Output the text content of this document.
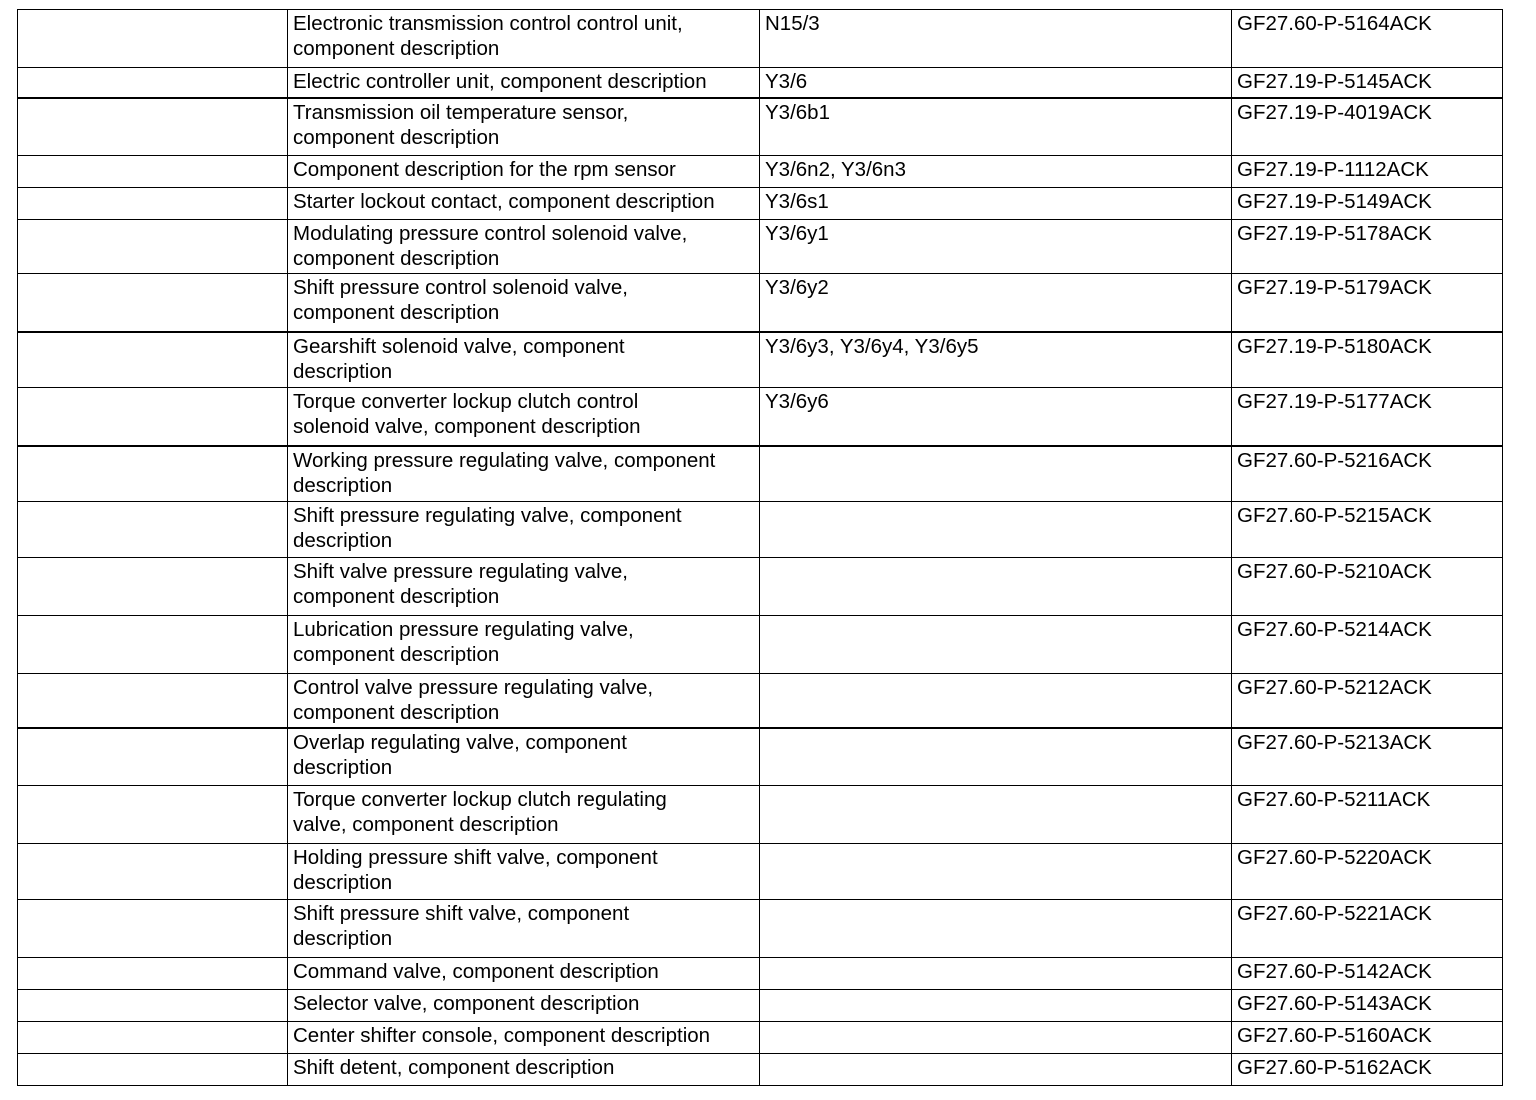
	Electronic transmission control control unit,
component description	N15/3	GF27.60-P-5164ACK
	Electric controller unit, component description	Y3/6	GF27.19-P-5145ACK
	Transmission oil temperature sensor,
component description	Y3/6b1	GF27.19-P-4019ACK
	Component description for the rpm sensor	Y3/6n2, Y3/6n3	GF27.19-P-1112ACK
	Starter lockout contact, component description	Y3/6s1	GF27.19-P-5149ACK
	Modulating pressure control solenoid valve,
component description	Y3/6y1	GF27.19-P-5178ACK
	Shift pressure control solenoid valve,
component description	Y3/6y2	GF27.19-P-5179ACK
	Gearshift solenoid valve, component
description	Y3/6y3, Y3/6y4, Y3/6y5	GF27.19-P-5180ACK
	Torque converter lockup clutch control
solenoid valve, component description	Y3/6y6	GF27.19-P-5177ACK
	Working pressure regulating valve, component
description		GF27.60-P-5216ACK
	Shift pressure regulating valve, component
description		GF27.60-P-5215ACK
	Shift valve pressure regulating valve,
component description		GF27.60-P-5210ACK
	Lubrication pressure regulating valve,
component description		GF27.60-P-5214ACK
	Control valve pressure regulating valve,
component description		GF27.60-P-5212ACK
	Overlap regulating valve, component
description		GF27.60-P-5213ACK
	Torque converter lockup clutch regulating
valve, component description		GF27.60-P-5211ACK
	Holding pressure shift valve, component
description		GF27.60-P-5220ACK
	Shift pressure shift valve, component
description		GF27.60-P-5221ACK
	Command valve, component description		GF27.60-P-5142ACK
	Selector valve, component description		GF27.60-P-5143ACK
	Center shifter console, component description		GF27.60-P-5160ACK
	Shift detent, component description		GF27.60-P-5162ACK
